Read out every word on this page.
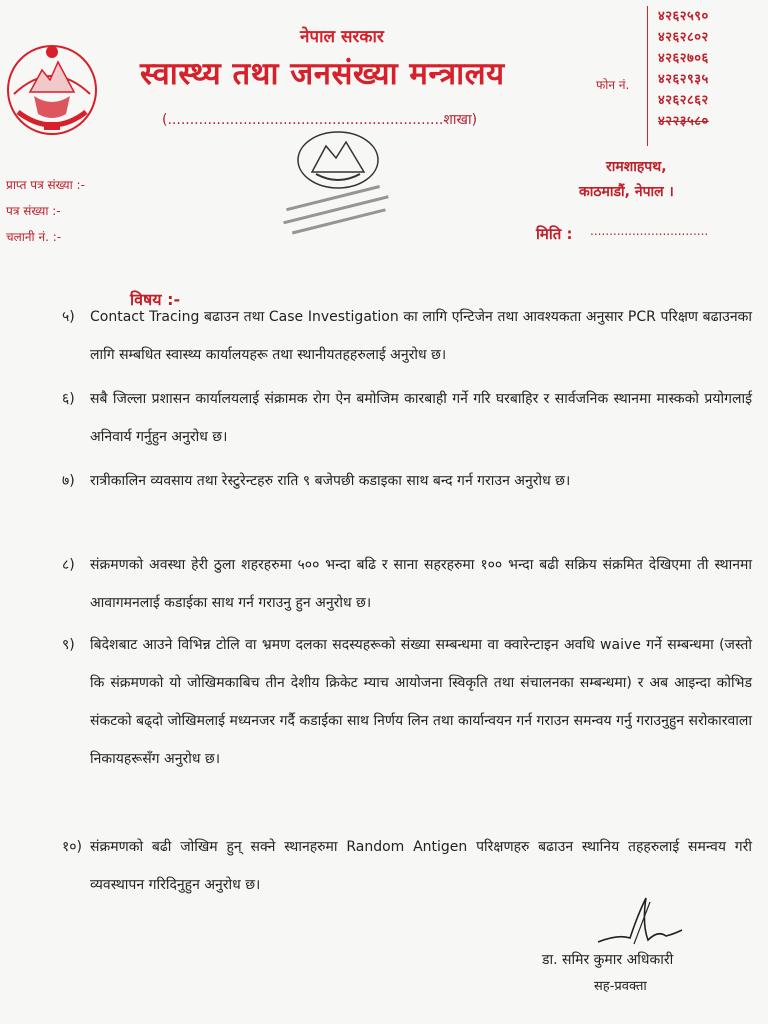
नेपाल सरकार
स्वास्थ्य तथा जनसंख्या मन्त्रालय
(..............................................................शाखा)
फोन नं.
४२६२५९०
४२६२८०२
४२६२७०६
४२६२९३५
४२६२८६२
४२२३५८०
रामशाहपथ,
काठमाडौं, नेपाल ।
प्राप्त पत्र संख्या :-
पत्र संख्या :-
चलानी नं. :-	मिति : ...............................
विषय :-
५)	Contact Tracing बढाउन तथा Case Investigation का लागि एन्टिजेन तथा आवश्यकता अनुसार PCR परिक्षण बढाउनका लागि सम्बधित स्वास्थ्य कार्यालयहरू तथा स्थानीयतहहरुलाई अनुरोध छ।
६)	सबै जिल्ला प्रशासन कार्यालयलाई संक्रामक रोग ऐन बमोजिम कारबाही गर्ने गरि घरबाहिर र सार्वजनिक स्थानमा मास्कको प्रयोगलाई अनिवार्य गर्नुहुन अनुरोध छ।
७)	रात्रीकालिन व्यवसाय तथा रेस्टुरेन्टहरु राति ९ बजेपछी कडाइका साथ बन्द गर्न गराउन अनुरोध छ।
८)	संक्रमणको अवस्था हेरी ठुला शहरहरुमा ५०० भन्दा बढि र साना सहरहरुमा १०० भन्दा बढी सक्रिय संक्रमित देखिएमा ती स्थानमा आवागमनलाई कडाईका साथ गर्न गराउनु हुन अनुरोध छ।
९)	बिदेशबाट आउने विभिन्न टोलि वा भ्रमण दलका सदस्यहरूको संख्या सम्बन्धमा वा क्वारेन्टाइन अवधि waive गर्ने सम्बन्धमा (जस्तो कि संक्रमणको यो जोखिमकाबिच तीन देशीय क्रिकेट म्याच आयोजना स्विकृति तथा संचालनका सम्बन्धमा) र अब आइन्दा कोभिड संकटको बढ्दो जोखिमलाई मध्यनजर गर्दै कडाईका साथ निर्णय लिन तथा कार्यान्वयन गर्न गराउन समन्वय गर्नु गराउनुहुन सरोकारवाला निकायहरूसँग अनुरोध छ।
१०) संक्रमणको बढी जोखिम हुन् सक्ने स्थानहरुमा Random Antigen परिक्षणहरु बढाउन स्थानिय तहहरुलाई समन्वय गरी व्यवस्थापन गरिदिनुहुन अनुरोध छ।
डा. समिर कुमार अधिकारी
सह-प्रवक्ता
